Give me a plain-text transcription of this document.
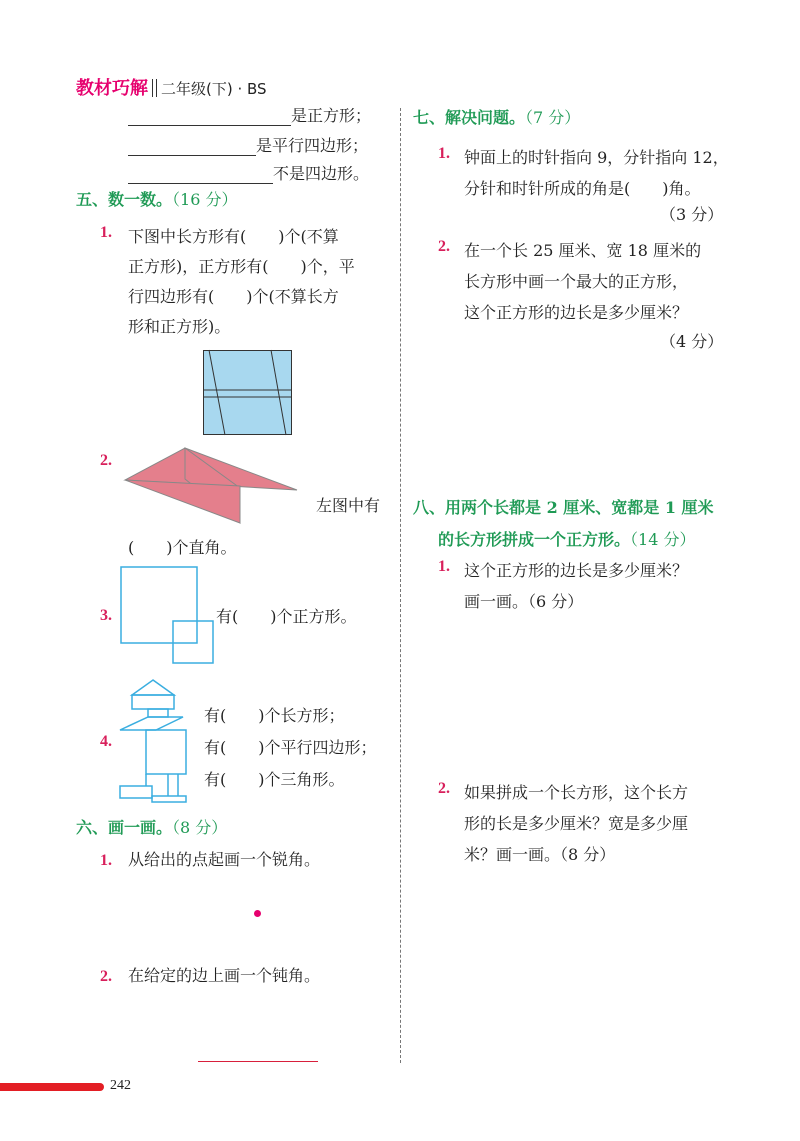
教材巧解 二年级(下) · BS
是正方形；
是平行四边形；
不是四边形。
五、数一数。（16 分）
1. 下图中长方形有(　　)个(不算
正方形)，正方形有(　　)个，平
行四边形有(　　)个(不算长方
形和正方形)。
2.
左图中有
(　　)个直角。
3.	有(　　)个正方形。
4.
有(　　)个长方形；
有(　　)个平行四边形；
有(　　)个三角形。
六、画一画。（8 分）
1. 从给出的点起画一个锐角。
2. 在给定的边上画一个钝角。
七、解决问题。（7 分）
1. 钟面上的时针指向 9，分针指向 12，
分针和时针所成的角是(　　)角。
（3 分）
2. 在一个长 25 厘米、宽 18 厘米的
长方形中画一个最大的正方形，
这个正方形的边长是多少厘米？
（4 分）
八、用两个长都是 2 厘米、宽都是 1 厘米
的长方形拼成一个正方形。（14 分）
1. 这个正方形的边长是多少厘米？
画一画。（6 分）
2. 如果拼成一个长方形，这个长方
形的长是多少厘米？宽是多少厘
米？画一画。（8 分）
242
